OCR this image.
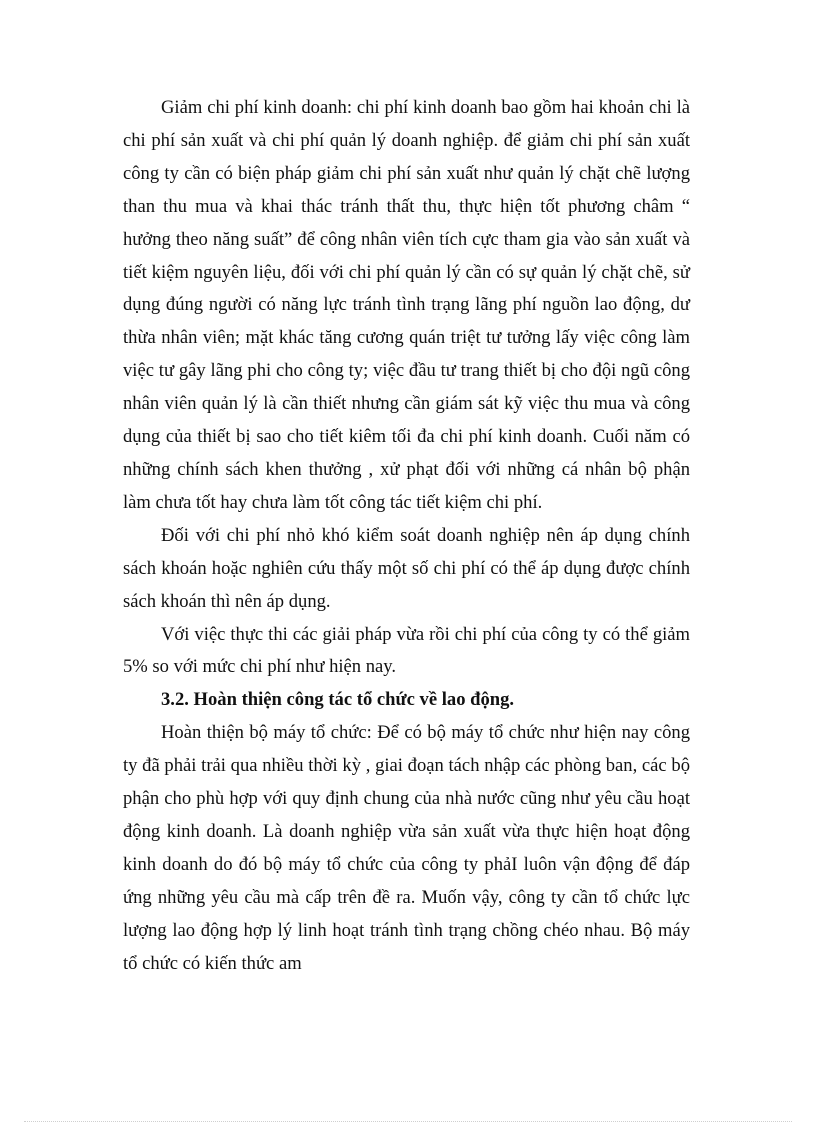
Giảm chi phí kinh doanh: chi phí kinh doanh bao gồm hai khoản chi là chi phí sản xuất và chi phí quản lý doanh nghiệp. để giảm chi phí sản xuất công ty cần có biện pháp giảm chi phí sản xuất như quản lý chặt chẽ lượng than thu mua và khai thác tránh thất thu, thực hiện tốt phương châm “ hưởng theo năng suất” để công nhân viên tích cực tham gia vào sản xuất và tiết kiệm nguyên liệu, đối với chi phí quản lý cần có sự quản lý chặt chẽ, sử dụng đúng người có năng lực tránh tình trạng lãng phí nguồn lao động, dư thừa nhân viên; mặt khác tăng cương quán triệt tư tưởng lấy việc công làm việc tư gây lãng phi cho công ty; việc đầu tư trang thiết bị cho đội ngũ công nhân viên quản lý là cần thiết nhưng cần giám sát kỹ việc thu mua và công dụng của thiết bị sao cho tiết kiêm tối đa chi phí kinh doanh. Cuối năm có những chính sách khen thưởng , xử phạt đối với những cá nhân bộ phận làm chưa tốt hay chưa làm tốt công tác tiết kiệm chi phí.

Đối với chi phí nhỏ khó kiểm soát doanh nghiệp nên áp dụng chính sách khoán hoặc nghiên cứu thấy một số chi phí có thể áp dụng được chính sách khoán thì nên áp dụng.

Với việc thực thi các giải pháp vừa rồi chi phí của công ty có thể giảm 5% so với mức chi phí như hiện nay.

3.2. Hoàn thiện công tác tổ chức về lao động.

Hoàn thiện bộ máy tổ chức: Để có bộ máy tổ chức như hiện nay công ty đã phải trải qua nhiều thời kỳ , giai đoạn tách nhập các phòng ban, các bộ phận cho phù hợp với quy định chung của nhà nước cũng như yêu cầu hoạt động kinh doanh. Là doanh nghiệp vừa sản xuất vừa thực hiện hoạt động kinh doanh do đó bộ máy tổ chức của công ty phảI luôn vận động để đáp ứng những yêu cầu mà cấp trên đề ra. Muốn vậy, công ty cần tổ chức lực lượng lao động hợp lý linh hoạt tránh tình trạng chồng chéo nhau. Bộ máy tổ chức có kiến thức am
